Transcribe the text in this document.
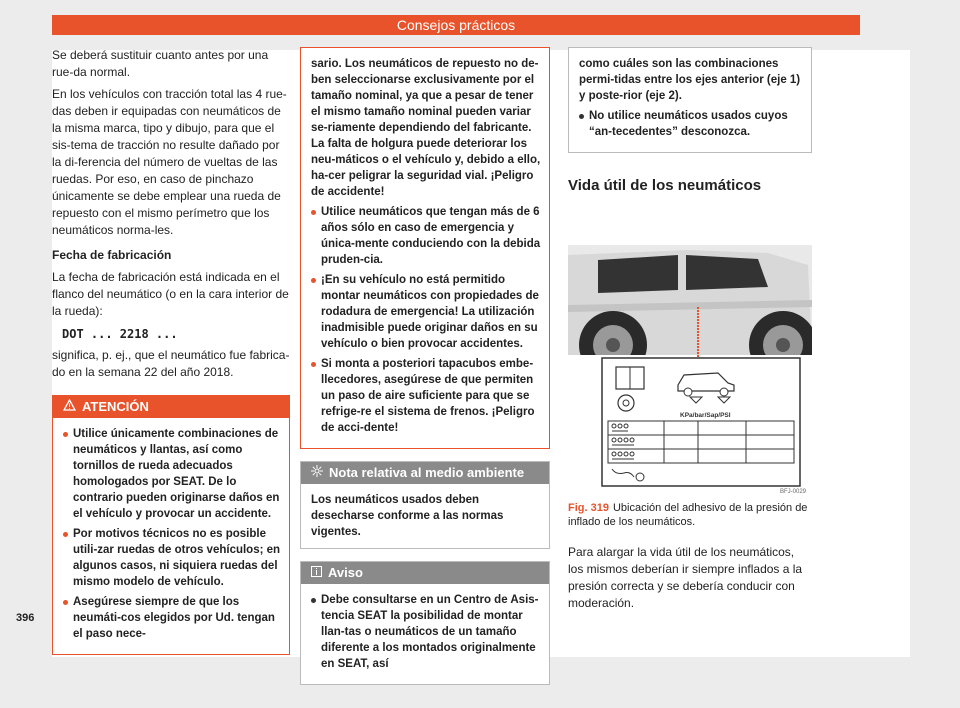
Consejos prácticos

Se deberá sustituir cuanto antes por una rue-da normal.

En los vehículos con tracción total las 4 rue-das deben ir equipadas con neumáticos de la misma marca, tipo y dibujo, para que el sis-tema de tracción no resulte dañado por la di-ferencia del número de vueltas de las ruedas. Por eso, en caso de pinchazo únicamente se debe emplear una rueda de repuesto con el mismo perímetro que los neumáticos norma-les.

Fecha de fabricación

La fecha de fabricación está indicada en el flanco del neumático (o en la cara interior de la rueda):

DOT ... 2218 ...

significa, p. ej., que el neumático fue fabrica-do en la semana 22 del año 2018.

ATENCIÓN
Utilice únicamente combinaciones de neumáticos y llantas, así como tornillos de rueda adecuados homologados por SEAT. De lo contrario pueden originarse daños en el vehículo y provocar un accidente.
Por motivos técnicos no es posible utili-zar ruedas de otros vehículos; en algunos casos, ni siquiera ruedas del mismo modelo de vehículo.
Asegúrese siempre de que los neumáti-cos elegidos por Ud. tengan el paso nece-
sario. Los neumáticos de repuesto no de-ben seleccionarse exclusivamente por el tamaño nominal, ya que a pesar de tener el mismo tamaño nominal pueden variar se-riamente dependiendo del fabricante. La falta de holgura puede deteriorar los neu-máticos o el vehículo y, debido a ello, ha-cer peligrar la seguridad vial. ¡Peligro de accidente!
Utilice neumáticos que tengan más de 6 años sólo en caso de emergencia y única-mente conduciendo con la debida pruden-cia.
¡En su vehículo no está permitido montar neumáticos con propiedades de rodadura de emergencia! La utilización inadmisible puede originar daños en su vehículo o bien provocar accidentes.
Si monta a posteriori tapacubos embe-llecedores, asegúrese de que permiten un paso de aire suficiente para que se refrige-re el sistema de frenos. ¡Peligro de acci-dente!
Nota relativa al medio ambiente
Los neumáticos usados deben desecharse conforme a las normas vigentes.
Aviso
Debe consultarse en un Centro de Asis-tencia SEAT la posibilidad de montar llan-tas o neumáticos de un tamaño diferente a los montados originalmente en SEAT, así
como cuáles son las combinaciones permi-tidas entre los ejes anterior (eje 1) y poste-rior (eje 2).
No utilice neumáticos usados cuyos “an-tecedentes” desconozca.
Vida útil de los neumáticos
KPa/bar/Sap/PSI
BFJ-0029
Fig. 319 Ubicación del adhesivo de la presión de inflado de los neumáticos.
Para alargar la vida útil de los neumáticos, los mismos deberían ir siempre inflados a la presión correcta y se debería conducir con moderación.
396
